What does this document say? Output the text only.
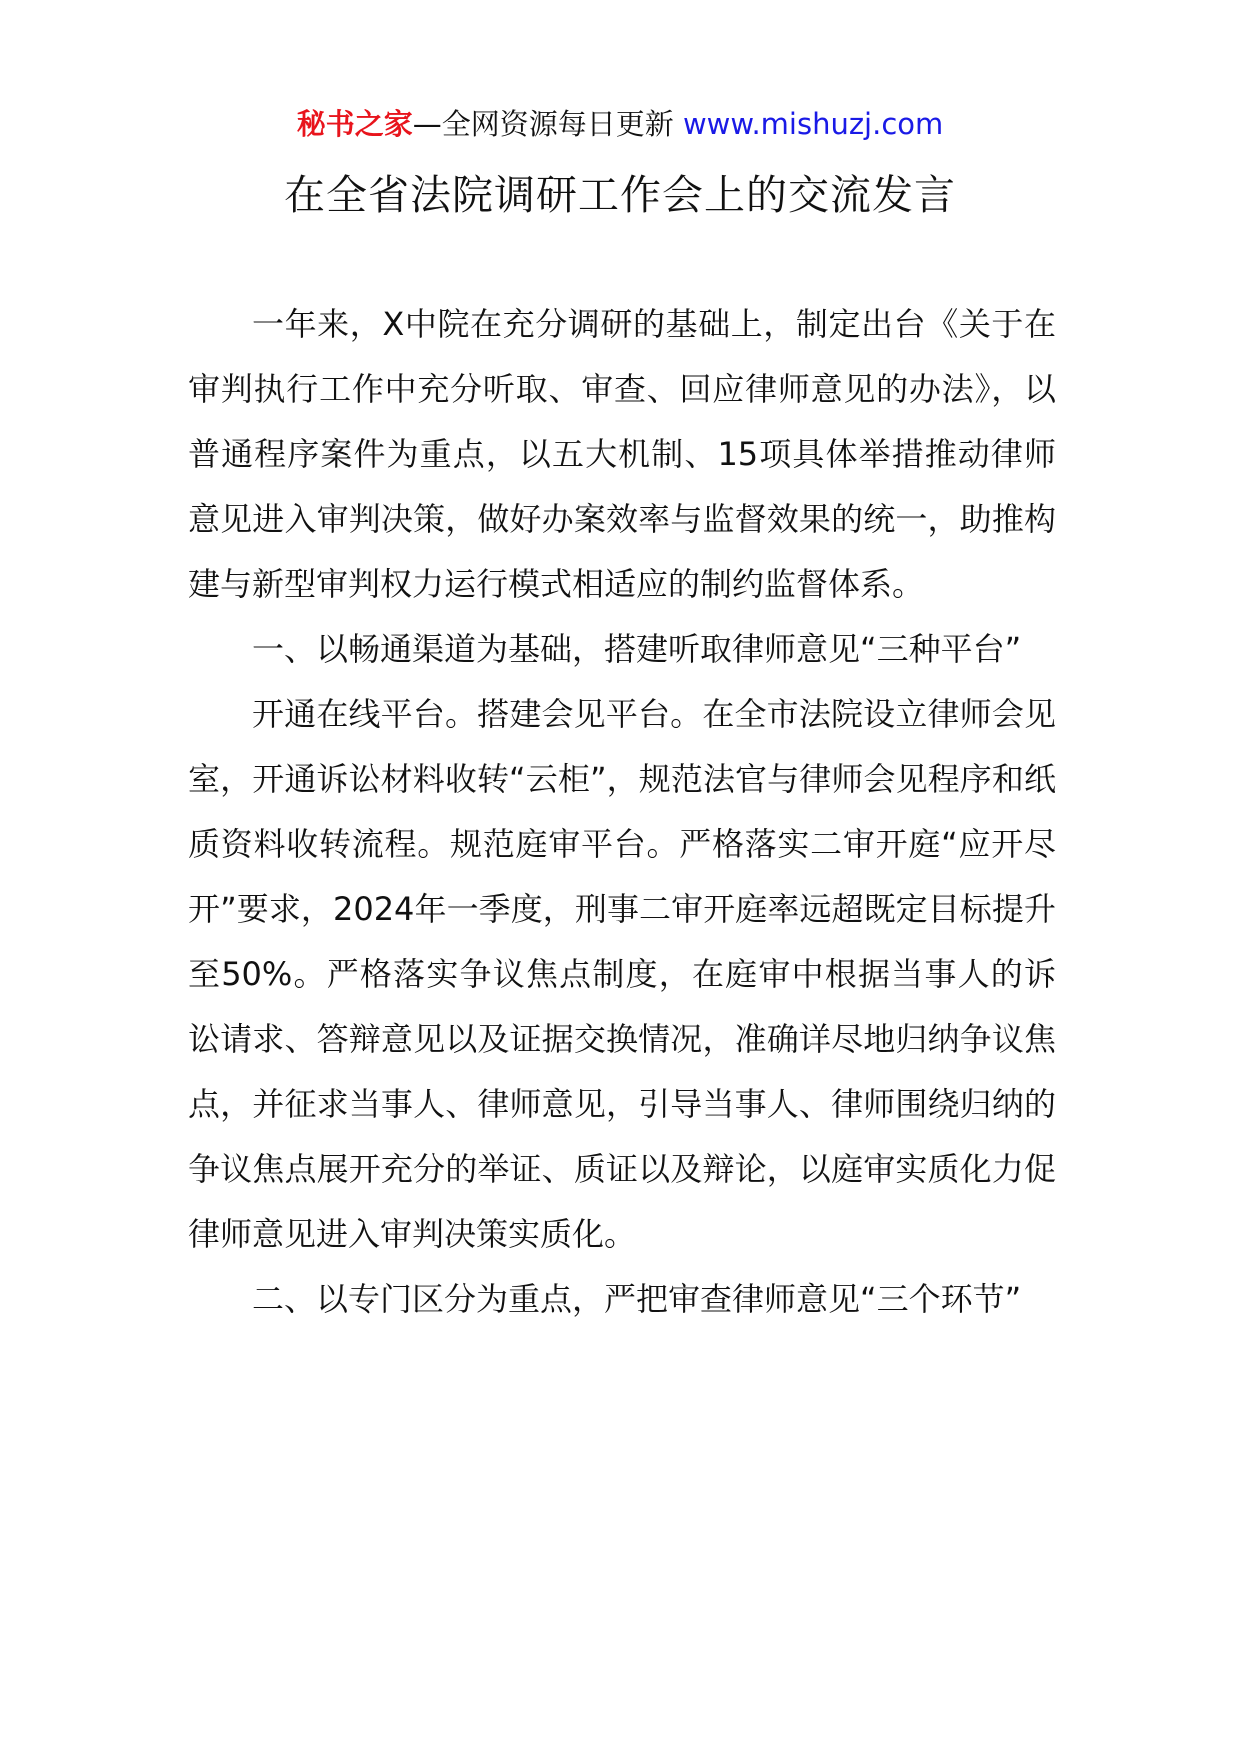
秘书之家—全网资源每日更新 www.mishuzj.com
在全省法院调研工作会上的交流发言

一年来，X中院在充分调研的基础上，制定出台《关于在审判执行工作中充分听取、审查、回应律师意见的办法》，以普通程序案件为重点，以五大机制、15项具体举措推动律师意见进入审判决策，做好办案效率与监督效果的统一，助推构建与新型审判权力运行模式相适应的制约监督体系。

一、以畅通渠道为基础，搭建听取律师意见“三种平台”

开通在线平台。搭建会见平台。在全市法院设立律师会见室，开通诉讼材料收转“云柜”，规范法官与律师会见程序和纸质资料收转流程。规范庭审平台。严格落实二审开庭“应开尽开”要求，2024年一季度，刑事二审开庭率远超既定目标提升至50%。严格落实争议焦点制度，在庭审中根据当事人的诉讼请求、答辩意见以及证据交换情况，准确详尽地归纳争议焦点，并征求当事人、律师意见，引导当事人、律师围绕归纳的争议焦点展开充分的举证、质证以及辩论，以庭审实质化力促律师意见进入审判决策实质化。

二、以专门区分为重点，严把审查律师意见“三个环节”
